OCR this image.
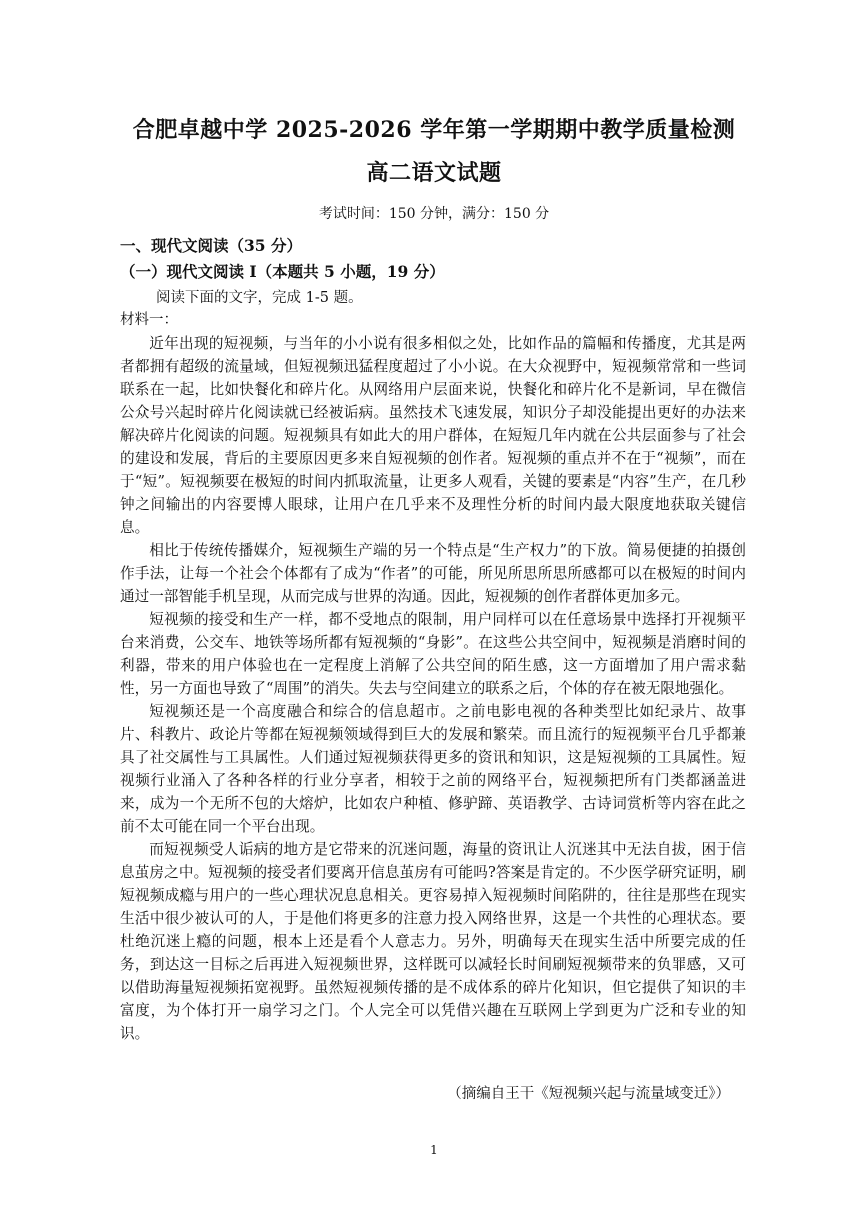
合肥卓越中学 2025-2026 学年第一学期期中教学质量检测
高二语文试题
考试时间：150 分钟，满分：150 分
一、现代文阅读（35 分）
（一）现代文阅读 I（本题共 5 小题，19 分）
阅读下面的文字，完成 1-5 题。
材料一：

近年出现的短视频，与当年的小小说有很多相似之处，比如作品的篇幅和传播度，尤其是两者都拥有超级的流量域，但短视频迅猛程度超过了小小说。在大众视野中，短视频常常和一些词联系在一起，比如快餐化和碎片化。从网络用户层面来说，快餐化和碎片化不是新词，早在微信公众号兴起时碎片化阅读就已经被诟病。虽然技术飞速发展，知识分子却没能提出更好的办法来解决碎片化阅读的问题。短视频具有如此大的用户群体，在短短几年内就在公共层面参与了社会的建设和发展，背后的主要原因更多来自短视频的创作者。短视频的重点并不在于“视频”，而在于“短”。短视频要在极短的时间内抓取流量，让更多人观看，关键的要素是“内容”生产，在几秒钟之间输出的内容要博人眼球，让用户在几乎来不及理性分析的时间内最大限度地获取关键信息。

相比于传统传播媒介，短视频生产端的另一个特点是“生产权力”的下放。简易便捷的拍摄创作手法，让每一个社会个体都有了成为“作者”的可能，所见所思所思所感都可以在极短的时间内通过一部智能手机呈现，从而完成与世界的沟通。因此，短视频的创作者群体更加多元。

短视频的接受和生产一样，都不受地点的限制，用户同样可以在任意场景中选择打开视频平台来消费，公交车、地铁等场所都有短视频的“身影”。在这些公共空间中，短视频是消磨时间的利器，带来的用户体验也在一定程度上消解了公共空间的陌生感，这一方面增加了用户需求黏性，另一方面也导致了“周围”的消失。失去与空间建立的联系之后，个体的存在被无限地强化。

短视频还是一个高度融合和综合的信息超市。之前电影电视的各种类型比如纪录片、故事片、科教片、政论片等都在短视频领域得到巨大的发展和繁荣。而且流行的短视频平台几乎都兼具了社交属性与工具属性。人们通过短视频获得更多的资讯和知识，这是短视频的工具属性。短视频行业涌入了各种各样的行业分享者，相较于之前的网络平台，短视频把所有门类都涵盖进来，成为一个无所不包的大熔炉，比如农户种植、修驴蹄、英语教学、古诗词赏析等内容在此之前不太可能在同一个平台出现。

而短视频受人诟病的地方是它带来的沉迷问题，海量的资讯让人沉迷其中无法自拔，困于信息茧房之中。短视频的接受者们要离开信息茧房有可能吗?答案是肯定的。不少医学研究证明，刷短视频成瘾与用户的一些心理状况息息相关。更容易掉入短视频时间陷阱的，往往是那些在现实生活中很少被认可的人，于是他们将更多的注意力投入网络世界，这是一个共性的心理状态。要杜绝沉迷上瘾的问题，根本上还是看个人意志力。另外，明确每天在现实生活中所要完成的任务，到达这一目标之后再进入短视频世界，这样既可以减轻长时间刷短视频带来的负罪感，又可以借助海量短视频拓宽视野。虽然短视频传播的是不成体系的碎片化知识，但它提供了知识的丰富度，为个体打开一扇学习之门。个人完全可以凭借兴趣在互联网上学到更为广泛和专业的知识。

（摘编自王干《短视频兴起与流量域变迁》）
1
